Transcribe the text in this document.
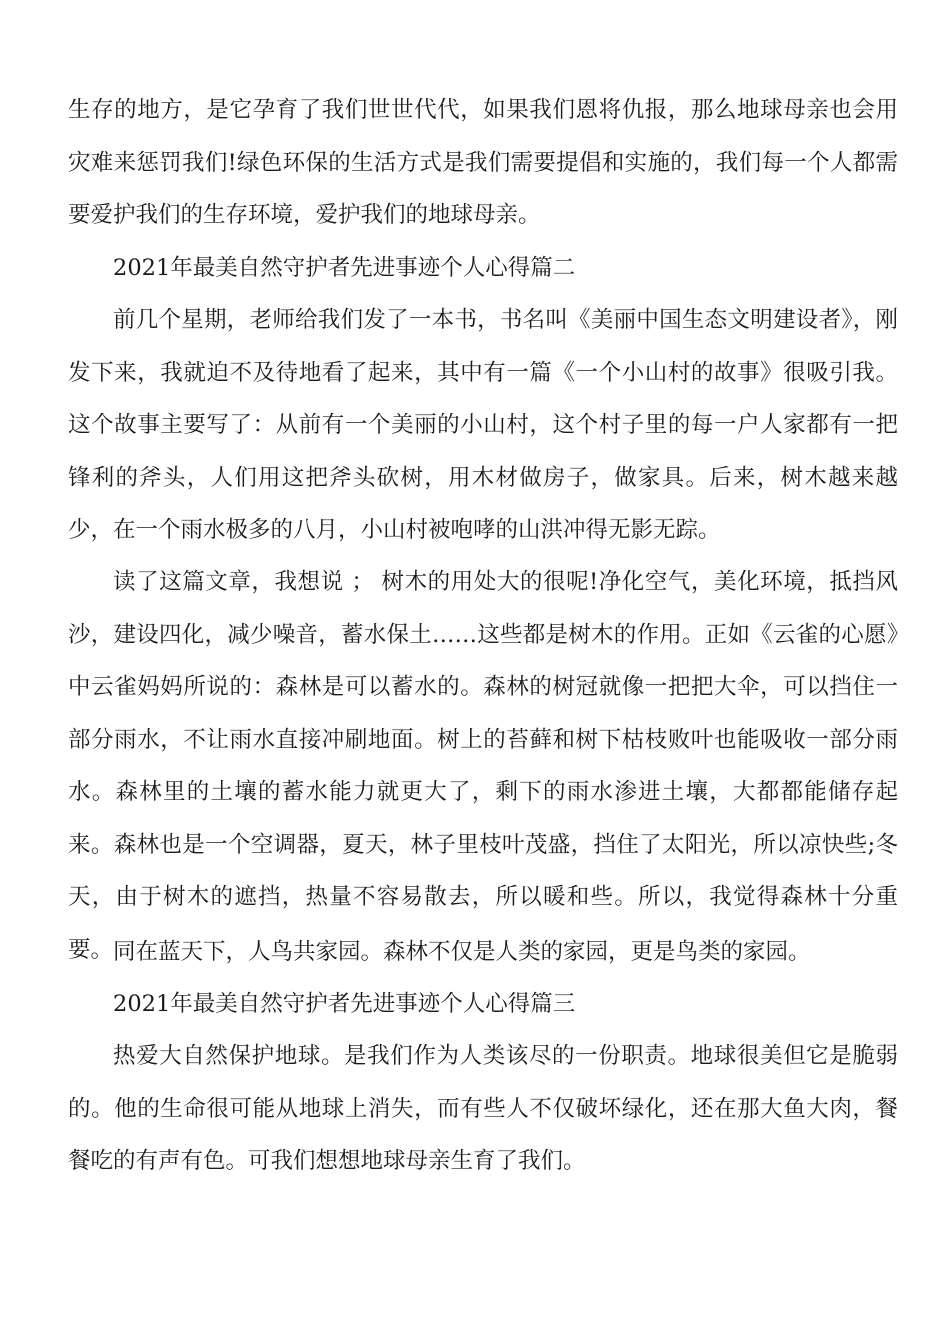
生存的地方，是它孕育了我们世世代代，如果我们恩将仇报，那么地球母亲也会用灾难来惩罚我们!绿色环保的生活方式是我们需要提倡和实施的，我们每一个人都需要爱护我们的生存环境，爱护我们的地球母亲。

2021年最美自然守护者先进事迹个人心得篇二

前几个星期，老师给我们发了一本书，书名叫《美丽中国生态文明建设者》，刚发下来，我就迫不及待地看了起来，其中有一篇《一个小山村的故事》很吸引我。这个故事主要写了：从前有一个美丽的小山村，这个村子里的每一户人家都有一把锋利的斧头，人们用这把斧头砍树，用木材做房子，做家具。后来，树木越来越少，在一个雨水极多的八月，小山村被咆哮的山洪冲得无影无踪。

读了这篇文章，我想说 ； 树木的用处大的很呢!净化空气，美化环境，抵挡风沙，建设四化，减少噪音，蓄水保土……这些都是树木的作用。正如《云雀的心愿》中云雀妈妈所说的：森林是可以蓄水的。森林的树冠就像一把把大伞，可以挡住一部分雨水，不让雨水直接冲刷地面。树上的苔藓和树下枯枝败叶也能吸收一部分雨水。森林里的土壤的蓄水能力就更大了，剩下的雨水渗进土壤，大都都能储存起来。森林也是一个空调器，夏天，林子里枝叶茂盛，挡住了太阳光，所以凉快些;冬天，由于树木的遮挡，热量不容易散去，所以暖和些。所以，我觉得森林十分重要。 同在蓝天下，人鸟共家园。森林不仅是人类的家园，更是鸟类的家园。

2021年最美自然守护者先进事迹个人心得篇三

热爱大自然保护地球。是我们作为人类该尽的一份职责。地球很美但它是脆弱的。他的生命很可能从地球上消失，而有些人不仅破坏绿化，还在那大鱼大肉，餐餐吃的有声有色。可我们想想地球母亲生育了我们。
